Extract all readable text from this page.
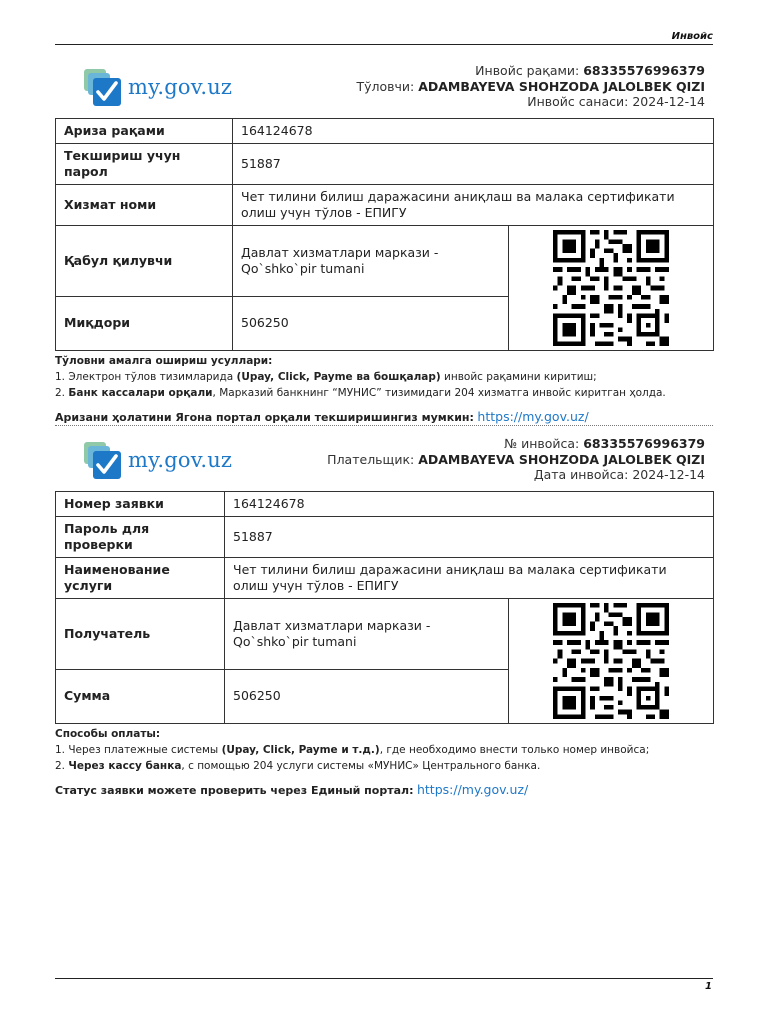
Инвойс
my.gov.uz
Инвойс рақами: 68335576996379
Тўловчи: ADAMBAYEVA SHOHZODA JALOLBEK QIZI
Инвойс санаси: 2024-12-14
Ариза рақами	164124678	
Текшириш учун парол	51887	
Хизмат номи	Чет тилини билиш даражасини аниқлаш ва малака сертификати олиш учун тўлов - ЕПИГУ	
Қабул қилувчи	Давлат хизматлари маркази - Qo`shko`pir tumani	

Миқдори	506250	
Тўловни амалга ошириш усуллари:
1. Электрон тўлов тизимларида (Upay, Click, Payme ва бошқалар) инвойс рақамини киритиш;
2. Банк кассалари орқали, Марказий банкнинг “МУНИС” тизимидаги 204 хизматга инвойс киритган ҳолда.
Аризани ҳолатини Ягона портал орқали текширишингиз мумкин: https://my.gov.uz/
my.gov.uz
№ инвойса: 68335576996379
Плательщик: ADAMBAYEVA SHOHZODA JALOLBEK QIZI
Дата инвойса: 2024-12-14
Номер заявки	164124678	
Пароль для проверки	51887	
Наименование услуги	Чет тилини билиш даражасини аниқлаш ва малака сертификати олиш учун тўлов - ЕПИГУ	
Получатель	Давлат хизматлари маркази - Qo`shko`pir tumani	

Сумма	506250	
Способы оплаты:
1. Через платежные системы (Upay, Click, Payme и т.д.), где необходимо внести только номер инвойса;
2. Через кассу банка, с помощью 204 услуги системы «МУНИС» Центрального банка.
Статус заявки можете проверить через Единый портал: https://my.gov.uz/
1
